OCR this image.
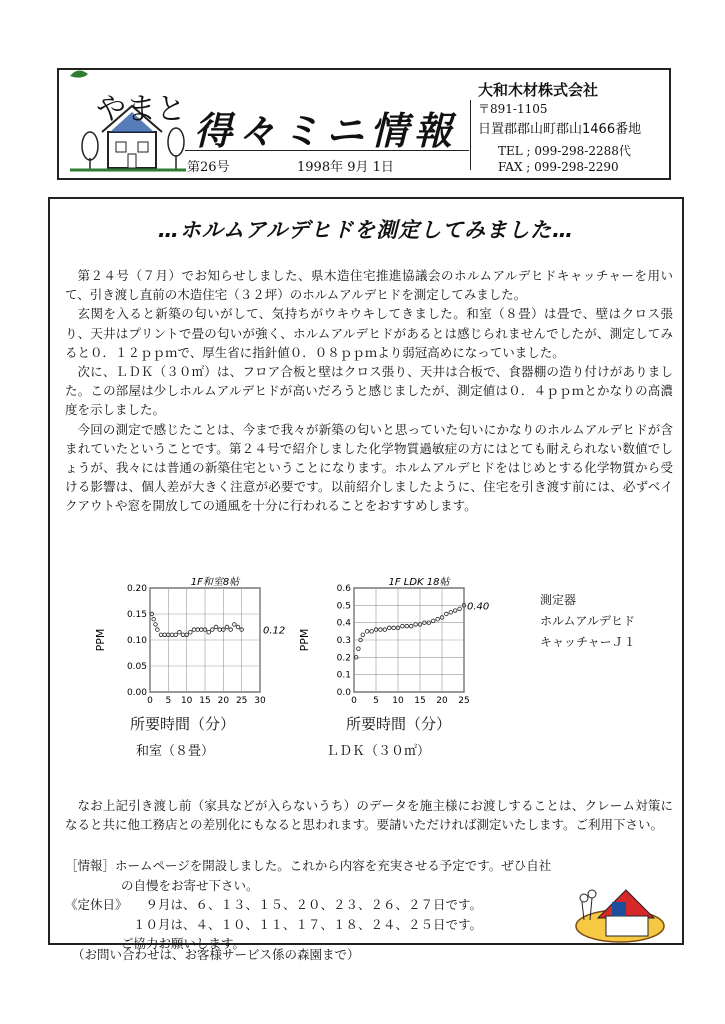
やまと 得々ミニ情報
第26号	1998年 9月 1日
大和木材株式会社
〒891-1105
日置郡郡山町郡山1466番地
TEL ; 099-298-2288代
FAX ; 099-298-2290
…ホルムアルデヒドを測定してみました…

第２４号（７月）でお知らせしました、県木造住宅推進協議会のホルムアルデヒドキャッチャーを用いて、引き渡し直前の木造住宅（３２坪）のホルムアルデヒドを測定してみました。

玄関を入ると新築の匂いがして、気持ちがウキウキしてきました。和室（８畳）は畳で、壁はクロス張り、天井はプリントで畳の匂いが強く、ホルムアルデヒドがあるとは感じられませんでしたが、測定してみると０．１２ｐｐｍで、厚生省に指針値０．０８ｐｐｍより弱冠高めになっていました。

次に、ＬＤＫ（３０㎡）は、フロア合板と壁はクロス張り、天井は合板で、食器棚の造り付けがありました。この部屋は少しホルムアルデヒドが高いだろうと感じましたが、測定値は０．４ｐｐｍとかなりの高濃度を示しました。

今回の測定で感じたことは、今まで我々が新築の匂いと思っていた匂いにかなりのホルムアルデヒドが含まれていたということです。第２４号で紹介しました化学物質過敏症の方にはとても耐えられない数値でしょうが、我々には普通の新築住宅ということになります。ホルムアルデヒドをはじめとする化学物質から受ける影響は、個人差が大きく注意が必要です。以前紹介しましたように、住宅を引き渡す前には、必ずベイクアウトや窓を開放しての通風を十分に行われることをおすすめします。

0.00
0.05
0.10
0.15
0.20
0 5 10 15 20 25 30
PPM
1F和室8帖
0.12
所要時間（分）
和室（８畳）
0.0
0.1
0.2
0.3
0.4
0.5
0.6
0 5 10 15 20 25
PPM
1F LDK 18帖
0.40
所要時間（分）
ＬＤＫ（３０㎡）
測定器
ホルムアルデヒド
キャッチャーＪ１

なお上記引き渡し前（家具などが入らないうち）のデータを施主様にお渡しすることは、クレーム対策になると共に他工務店との差別化にもなると思われます。要請いただければ測定いたします。ご利用下さい。

［情報］ホームページを開設しました。これから内容を充実させる予定です。ぜひ自社
の自慢をお寄せ下さい。
《定休日》 ９月は、６、１３、１５、２０、２３、２６、２７日です。
１０月は、４、１０、１１、１７、１８、２４、２５日です。
ご協力お願いします。
（お問い合わせは、お客様サービス係の森園まで）
